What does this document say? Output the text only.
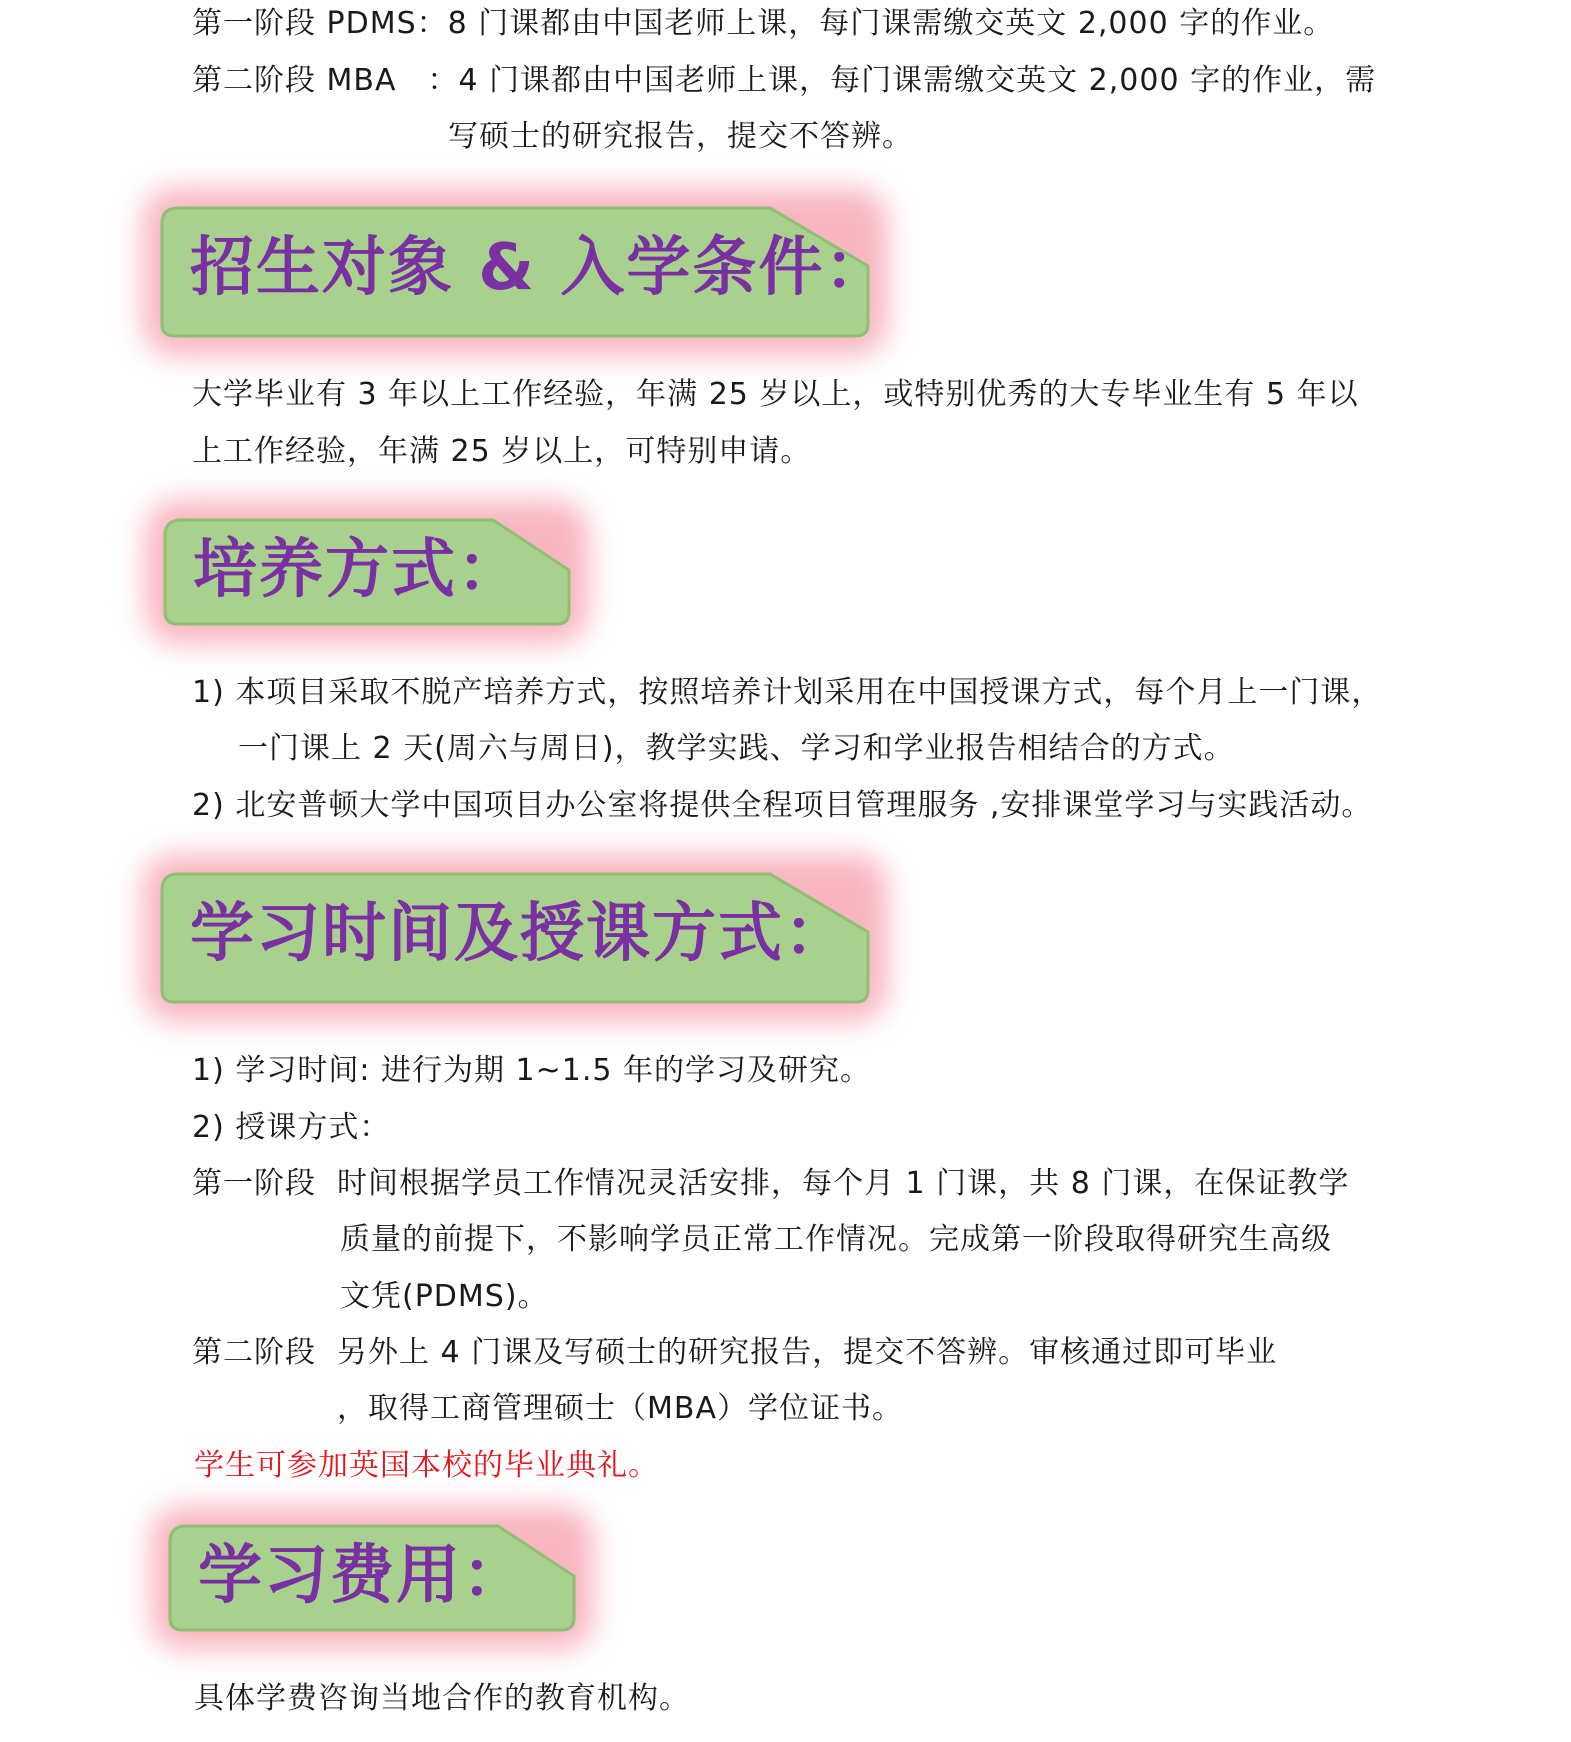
第一阶段 PDMS：8 门课都由中国老师上课，每门课需缴交英文 2,000 字的作业。
第二阶段 MBA　：4 门课都由中国老师上课，每门课需缴交英文 2,000 字的作业，需
写硕士的研究报告，提交不答辨。
招生对象 & 入学条件：
大学毕业有 3 年以上工作经验，年满 25 岁以上，或特别优秀的大专毕业生有 5 年以
上工作经验，年满 25 岁以上，可特别申请。
培养方式：
1) 本项目采取不脱产培养方式，按照培养计划采用在中国授课方式，每个月上一门课，
一门课上 2 天(周六与周日)，教学实践、学习和学业报告相结合的方式。
2) 北安普顿大学中国项目办公室将提供全程项目管理服务 ,安排课堂学习与实践活动。
学习时间及授课方式：
1) 学习时间: 进行为期 1~1.5 年的学习及研究。
2) 授课方式：
第一阶段 时间根据学员工作情况灵活安排，每个月 1 门课，共 8 门课，在保证教学
质量的前提下，不影响学员正常工作情况。完成第一阶段取得研究生高级
文凭(PDMS)。
第二阶段 另外上 4 门课及写硕士的研究报告，提交不答辨。审核通过即可毕业
，取得工商管理硕士（MBA）学位证书。
学生可参加英国本校的毕业典礼。
学习费用：
具体学费咨询当地合作的教育机构。
